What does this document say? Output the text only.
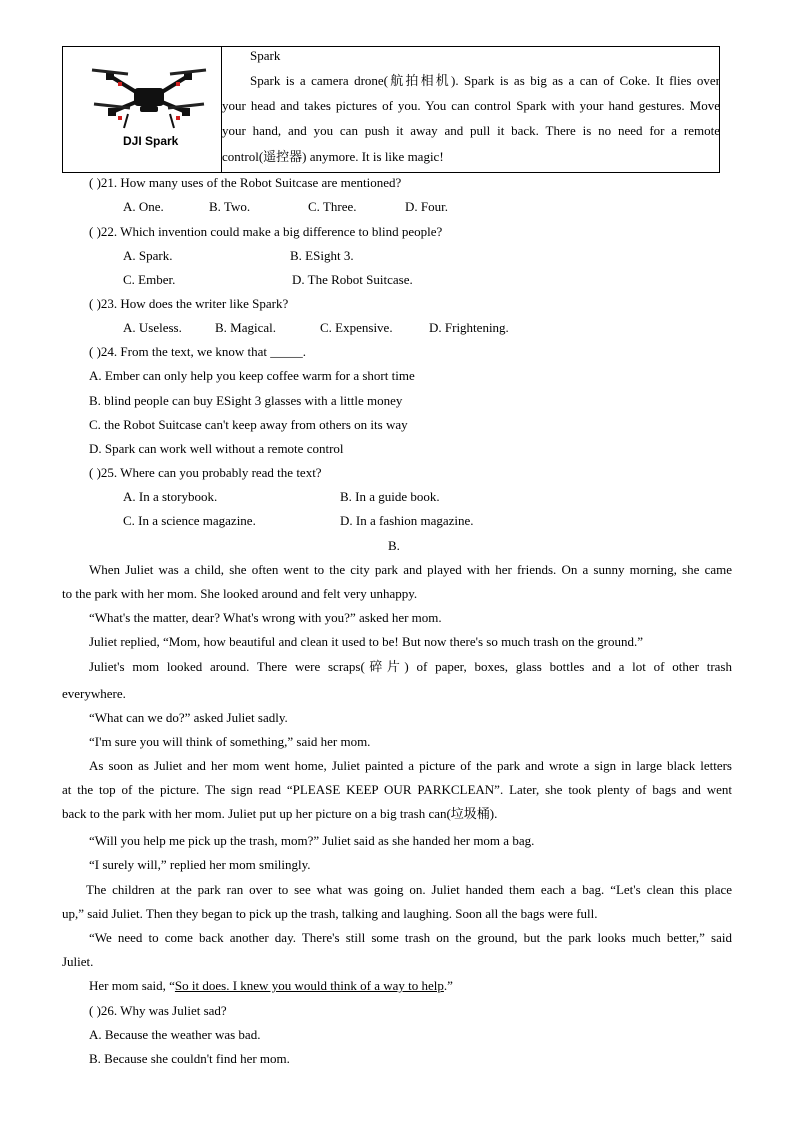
DJI Spark
Spark
Spark is a camera drone(航拍相机). Spark is as big as a can of Coke. It flies over
your head and takes pictures of you. You can control Spark with your hand gestures. Move
your hand, and you can push it away and pull it back. There is no need for a remote
control(遥控器) anymore. It is like magic!
( )21. How many uses of the Robot Suitcase are mentioned?
A. One.	B. Two.	C. Three.	D. Four.
( )22. Which invention could make a big difference to blind people?
A. Spark.	B. ESight 3.
C. Ember.	D. The Robot Suitcase.
( )23. How does the writer like Spark?
A. Useless.	B. Magical.	C. Expensive.	D. Frightening.
( )24. From the text, we know that _____.
A. Ember can only help you keep coffee warm for a short time
B. blind people can buy ESight 3 glasses with a little money
C. the Robot Suitcase can't keep away from others on its way
D. Spark can work well without a remote control
( )25. Where can you probably read the text?
A. In a storybook.	B. In a guide book.
C. In a science magazine.	D. In a fashion magazine.
B.
When Juliet was a child, she often went to the city park and played with her friends. On a sunny morning, she came
to the park with her mom. She looked around and felt very unhappy.
“What's the matter, dear? What's wrong with you?” asked her mom.
Juliet replied, “Mom, how beautiful and clean it used to be! But now there's so much trash on the ground.”
Juliet's mom looked around. There were scraps(碎片) of paper, boxes, glass bottles and a lot of other trash
everywhere.
“What can we do?” asked Juliet sadly.
“I'm sure you will think of something,” said her mom.
As soon as Juliet and her mom went home, Juliet painted a picture of the park and wrote a sign in large black letters
at the top of the picture. The sign read “PLEASE KEEP OUR PARKCLEAN”. Later, she took plenty of bags and went
back to the park with her mom. Juliet put up her picture on a big trash can(垃圾桶).
“Will you help me pick up the trash, mom?” Juliet said as she handed her mom a bag.
“I surely will,” replied her mom smilingly.
The children at the park ran over to see what was going on. Juliet handed them each a bag. “Let's clean this place
up,” said Juliet. Then they began to pick up the trash, talking and laughing. Soon all the bags were full.
“We need to come back another day. There's still some trash on the ground, but the park looks much better,” said
Juliet.
Her mom said, “So it does. I knew you would think of a way to help.”
( )26. Why was Juliet sad?
A. Because the weather was bad.
B. Because she couldn't find her mom.
